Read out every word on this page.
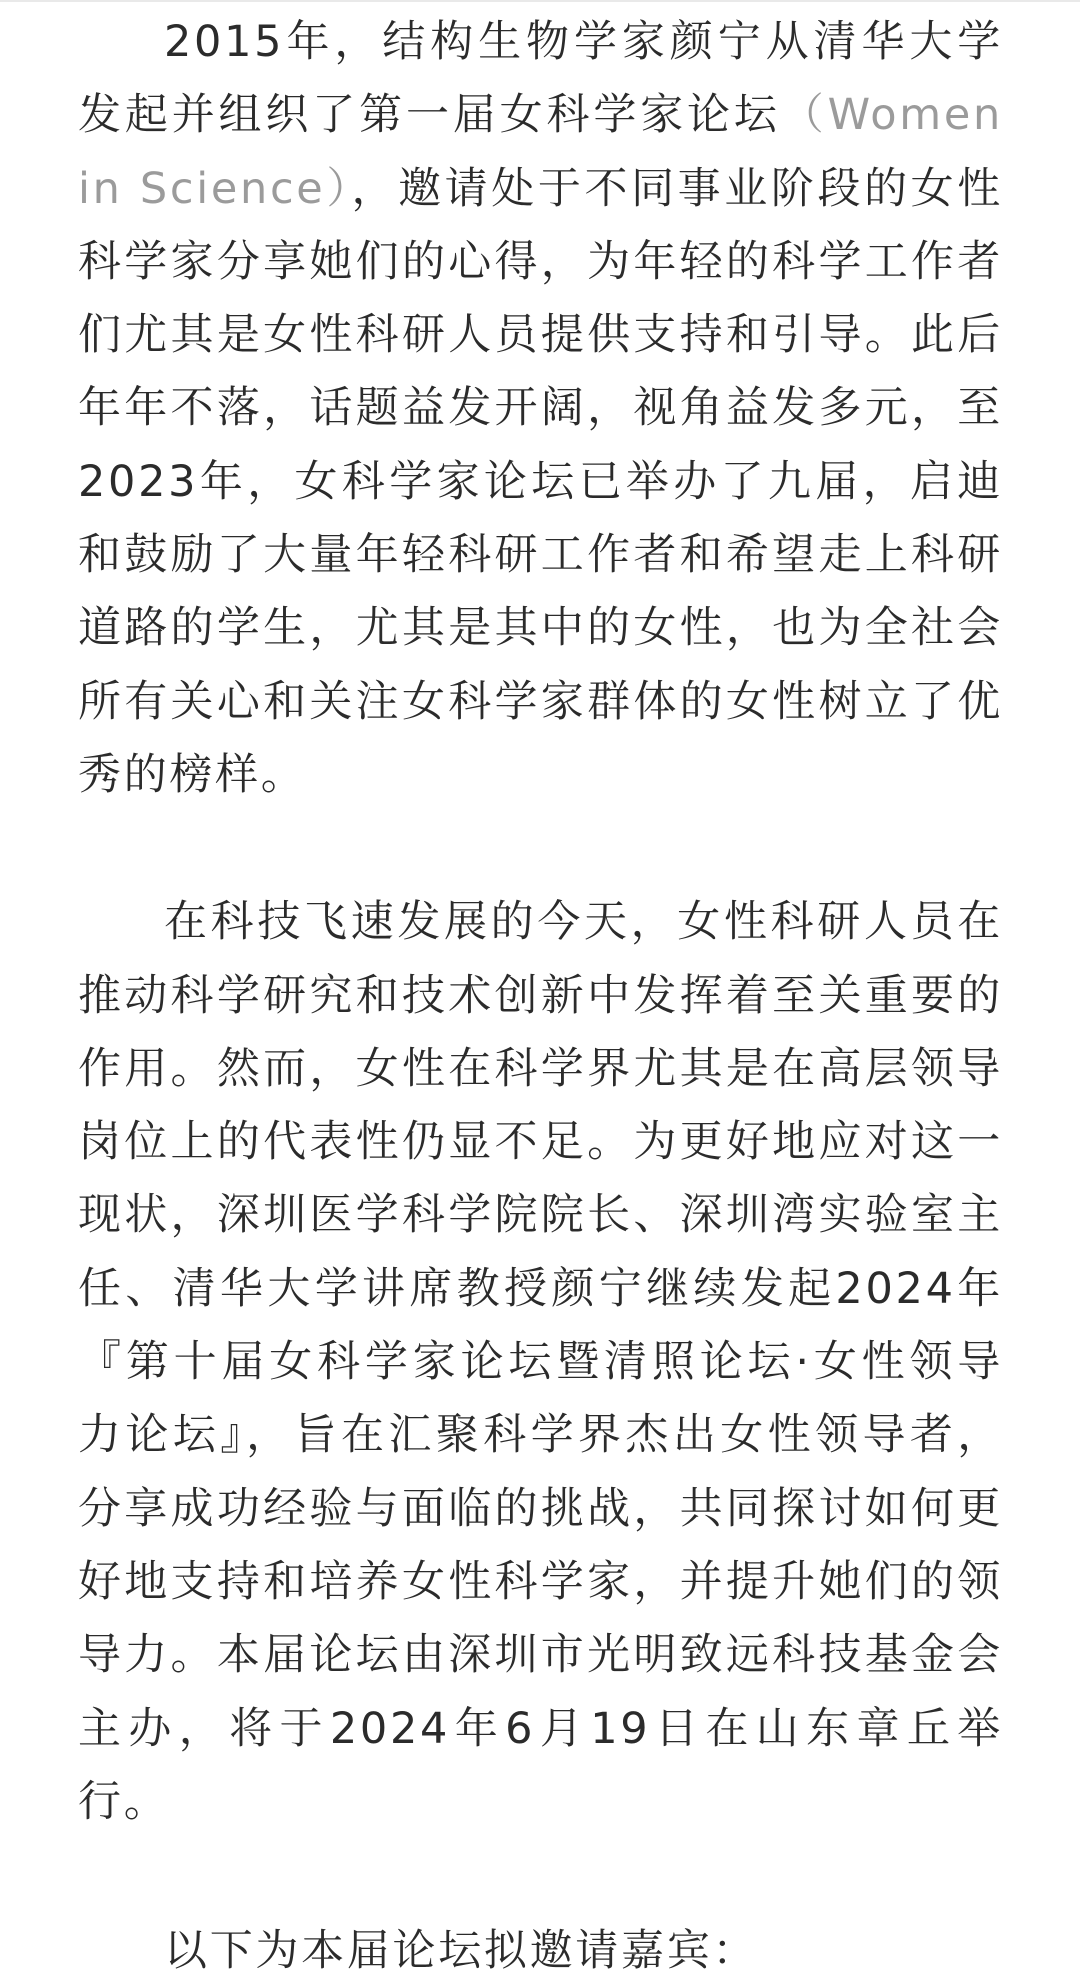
2015年，结构生物学家颜宁从清华大学发起并组织了第一届女科学家论坛（Women in Science），邀请处于不同事业阶段的女性科学家分享她们的心得，为年轻的科学工作者们尤其是女性科研人员提供支持和引导。此后年年不落，话题益发开阔，视角益发多元，至2023年，女科学家论坛已举办了九届，启迪和鼓励了大量年轻科研工作者和希望走上科研道路的学生，尤其是其中的女性，也为全社会所有关心和关注女科学家群体的女性树立了优秀的榜样。

在科技飞速发展的今天，女性科研人员在推动科学研究和技术创新中发挥着至关重要的作用。然而，女性在科学界尤其是在高层领导岗位上的代表性仍显不足。为更好地应对这一现状，深圳医学科学院院长、深圳湾实验室主任、清华大学讲席教授颜宁继续发起2024年『第十届女科学家论坛暨清照论坛·女性领导力论坛』，旨在汇聚科学界杰出女性领导者，分享成功经验与面临的挑战，共同探讨如何更好地支持和培养女性科学家，并提升她们的领导力。本届论坛由深圳市光明致远科技基金会主办，将于2024年6月19日在山东章丘举行。

以下为本届论坛拟邀请嘉宾：
